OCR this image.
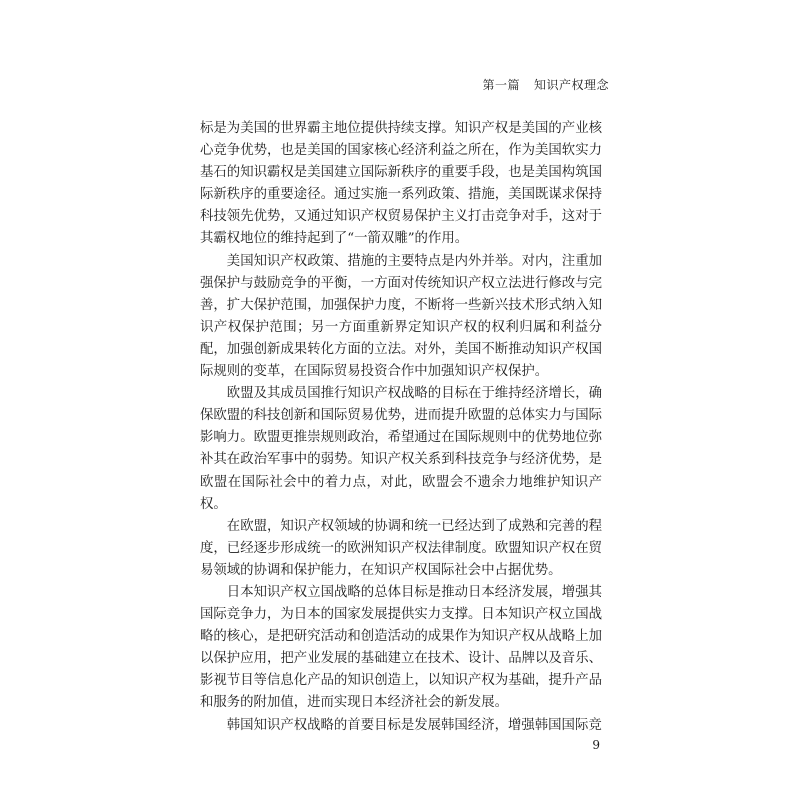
第一篇 知识产权理念

标是为美国的世界霸主地位提供持续支撑。知识产权是美国的产业核心竞争优势，也是美国的国家核心经济利益之所在，作为美国软实力基石的知识霸权是美国建立国际新秩序的重要手段，也是美国构筑国际新秩序的重要途径。通过实施一系列政策、措施，美国既谋求保持科技领先优势，又通过知识产权贸易保护主义打击竞争对手，这对于其霸权地位的维持起到了“一箭双雕”的作用。

美国知识产权政策、措施的主要特点是内外并举。对内，注重加强保护与鼓励竞争的平衡，一方面对传统知识产权立法进行修改与完善，扩大保护范围，加强保护力度，不断将一些新兴技术形式纳入知识产权保护范围；另一方面重新界定知识产权的权利归属和利益分配，加强创新成果转化方面的立法。对外，美国不断推动知识产权国际规则的变革，在国际贸易投资合作中加强知识产权保护。

欧盟及其成员国推行知识产权战略的目标在于维持经济增长，确保欧盟的科技创新和国际贸易优势，进而提升欧盟的总体实力与国际影响力。欧盟更推崇规则政治，希望通过在国际规则中的优势地位弥补其在政治军事中的弱势。知识产权关系到科技竞争与经济优势，是欧盟在国际社会中的着力点，对此，欧盟会不遗余力地维护知识产权。

在欧盟，知识产权领域的协调和统一已经达到了成熟和完善的程度，已经逐步形成统一的欧洲知识产权法律制度。欧盟知识产权在贸易领域的协调和保护能力，在知识产权国际社会中占据优势。

日本知识产权立国战略的总体目标是推动日本经济发展，增强其国际竞争力，为日本的国家发展提供实力支撑。日本知识产权立国战略的核心，是把研究活动和创造活动的成果作为知识产权从战略上加以保护应用，把产业发展的基础建立在技术、设计、品牌以及音乐、影视节目等信息化产品的知识创造上，以知识产权为基础，提升产品和服务的附加值，进而实现日本经济社会的新发展。

韩国知识产权战略的首要目标是发展韩国经济，增强韩国国际竞

9
